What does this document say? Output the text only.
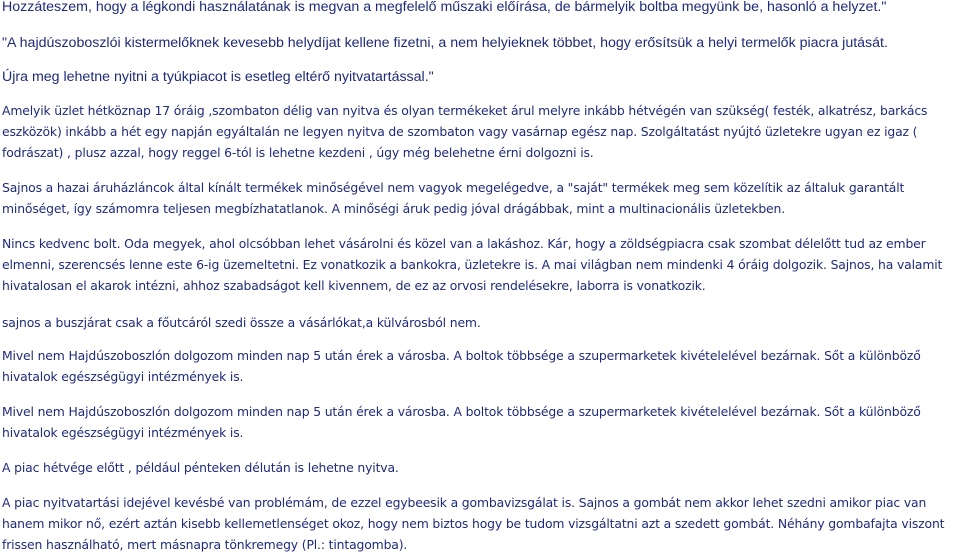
Hozzáteszem, hogy a légkondi használatának is megvan a megfelelő műszaki előírása, de bármelyik boltba megyünk be, hasonló a helyzet."

"A hajdúszoboszlói kistermelőknek kevesebb helydíjat kellene fizetni, a nem helyieknek többet, hogy erősítsük a helyi termelők piacra jutását.

Újra meg lehetne nyitni a tyúkpiacot is esetleg eltérő nyitvatartással."

Amelyik üzlet hétköznap 17 óráig ,szombaton délig van nyitva és olyan termékeket árul melyre inkább hétvégén van szükség( festék, alkatrész, barkács eszközök) inkább a hét egy napján egyáltalán ne legyen nyitva de szombaton vagy vasárnap egész nap. Szolgáltatást nyújtó üzletekre ugyan ez igaz ( fodrászat) , plusz azzal, hogy reggel 6-tól is lehetne kezdeni , úgy még belehetne érni dolgozni is.

Sajnos a hazai áruházláncok által kínált termékek minőségével nem vagyok megelégedve, a "saját" termékek meg sem közelítik az általuk garantált minőséget, így számomra teljesen megbízhatatlanok. A minőségi áruk pedig jóval drágábbak, mint a multinacionális üzletekben.

Nincs kedvenc bolt. Oda megyek, ahol olcsóbban lehet vásárolni és közel van a lakáshoz. Kár, hogy a zöldségpiacra csak szombat délelőtt tud az ember elmenni, szerencsés lenne este 6-ig üzemeltetni. Ez vonatkozik a bankokra, üzletekre is. A mai világban nem mindenki 4 óráig dolgozik. Sajnos, ha valamit hivatalosan el akarok intézni, ahhoz szabadságot kell kivennem, de ez az orvosi rendelésekre, laborra is vonatkozik.

sajnos a buszjárat csak a főutcáról szedi össze a vásárlókat,a külvárosból nem.

Mivel nem Hajdúszoboszlón dolgozom minden nap 5 után érek a városba. A boltok többsége a szupermarketek kivételelével bezárnak. Sőt a különböző hivatalok egészségügyi intézmények is.

Mivel nem Hajdúszoboszlón dolgozom minden nap 5 után érek a városba. A boltok többsége a szupermarketek kivételelével bezárnak. Sőt a különböző hivatalok egészségügyi intézmények is.

A piac hétvége előtt , például pénteken délután is lehetne nyitva.

A piac nyitvatartási idejével kevésbé van problémám, de ezzel egybeesik a gombavizsgálat is. Sajnos a gombát nem akkor lehet szedni amikor piac van hanem mikor nő, ezért aztán kisebb kellemetlenséget okoz, hogy nem biztos hogy be tudom vizsgáltatni azt a szedett gombát. Néhány gombafajta viszont frissen használható, mert másnapra tönkremegy (Pl.: tintagomba).
